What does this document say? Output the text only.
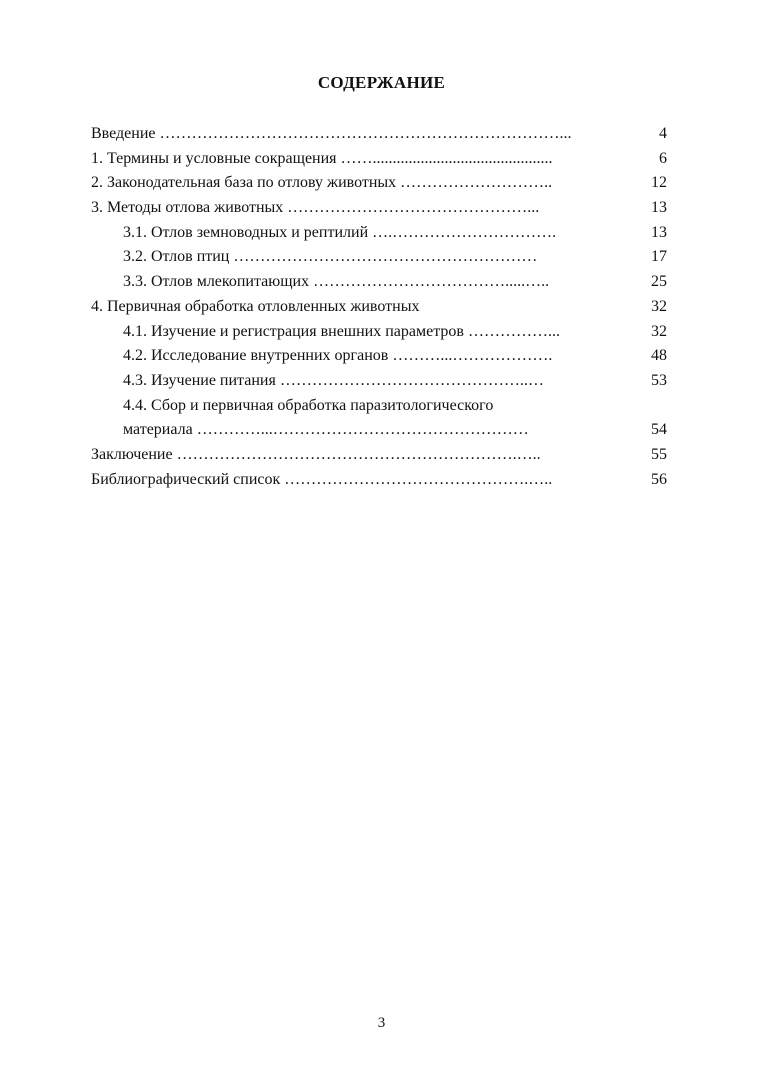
СОДЕРЖАНИЕ
Введение …………………………………………………………………...	4
1. Термины и условные сокращения …….............................................	6
2. Законодательная база по отлову животных ………………………..	12
3. Методы отлова животных ………………………………………...	13
3.1. Отлов земноводных и рептилий ….………………………….	13
3.2. Отлов птиц …………………………………………………	17
3.3. Отлов млекопитающих ……………………………….....…..	25
4. Первичная обработка отловленных животных	32
4.1. Изучение и регистрация внешних параметров ……………...	32
4.2. Исследование внутренних органов ………...……………….	48
4.3. Изучение питания ………………………………………..…	53
4.4. Сбор и первичная обработка паразитологического
материала …………...…………………………………………	54
Заключение ……………………………………………………….…..	55
Библиографический список ……………………………………….…..	56
3
